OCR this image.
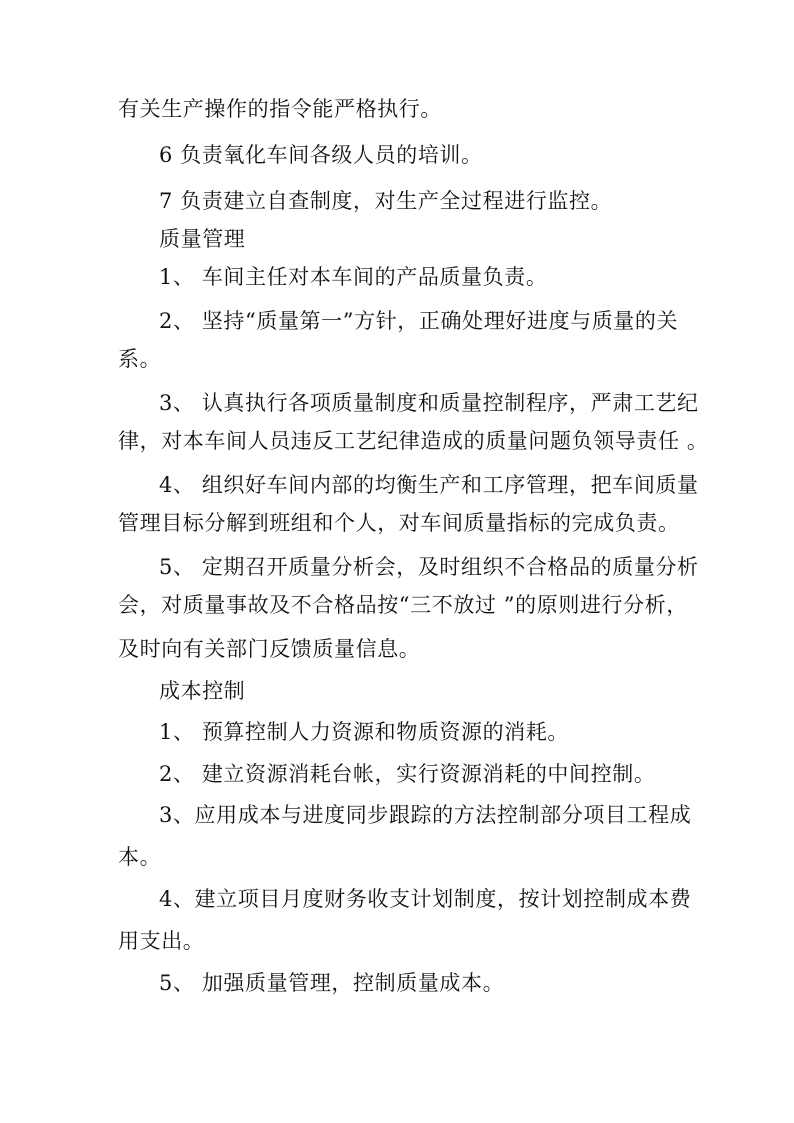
有关生产操作的指令能严格执行。
6 负责氧化车间各级人员的培训。
7 负责建立自查制度，对生产全过程进行监控。
质量管理
1、 车间主任对本车间的产品质量负责。
2、 坚持“质量第一”方针，正确处理好进度与质量的关
系。
3、 认真执行各项质量制度和质量控制程序，严肃工艺纪
律，对本车间人员违反工艺纪律造成的质量问题负领导责任 。
4、 组织好车间内部的均衡生产和工序管理，把车间质量
管理目标分解到班组和个人，对车间质量指标的完成负责。
5、 定期召开质量分析会，及时组织不合格品的质量分析
会，对质量事故及不合格品按“三不放过 ”的原则进行分析，
及时向有关部门反馈质量信息。
成本控制
1、 预算控制人力资源和物质资源的消耗。
2、 建立资源消耗台帐，实行资源消耗的中间控制。
3、应用成本与进度同步跟踪的方法控制部分项目工程成
本。
4、建立项目月度财务收支计划制度，按计划控制成本费
用支出。
5、 加强质量管理，控制质量成本。
